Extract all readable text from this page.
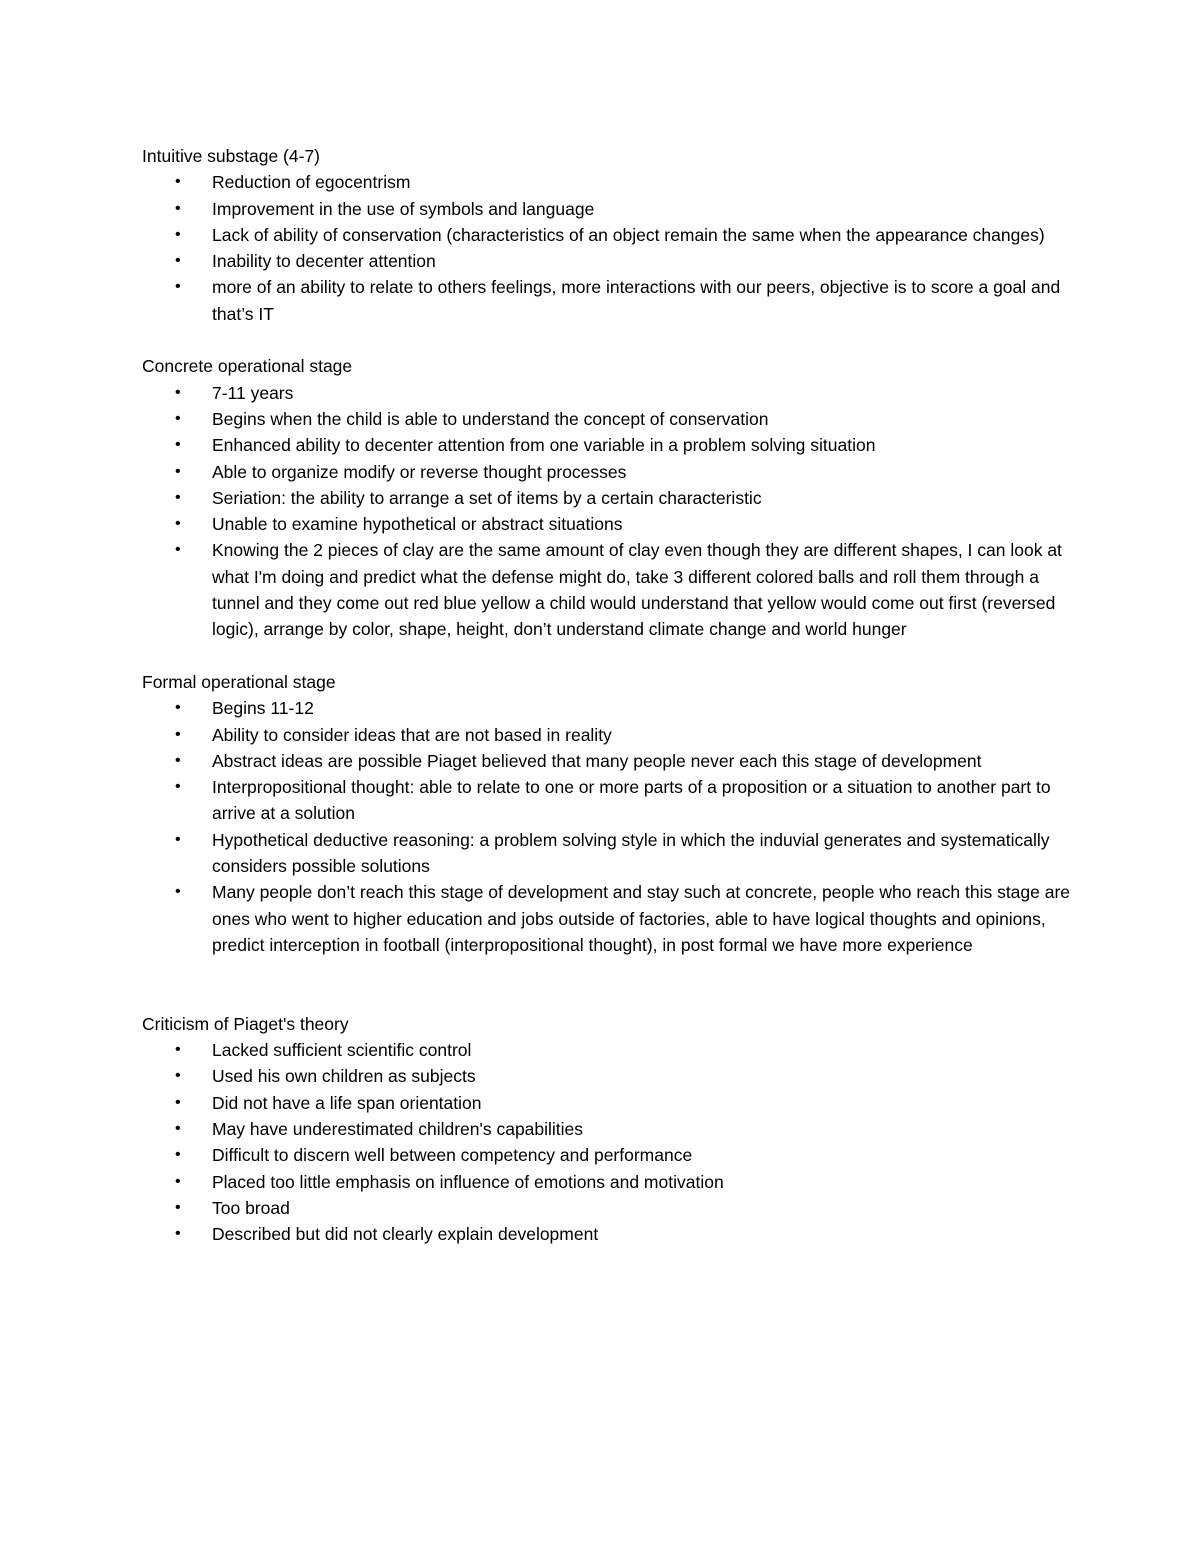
Intuitive substage (4-7)

• Reduction of egocentrism
• Improvement in the use of symbols and language
• Lack of ability of conservation (characteristics of an object remain the same when the appearance changes)
• Inability to decenter attention
• more of an ability to relate to others feelings, more interactions with our peers, objective is to score a goal and that’s IT

Concrete operational stage

• 7-11 years
• Begins when the child is able to understand the concept of conservation
• Enhanced ability to decenter attention from one variable in a problem solving situation
• Able to organize modify or reverse thought processes
• Seriation: the ability to arrange a set of items by a certain characteristic
• Unable to examine hypothetical or abstract situations
• Knowing the 2 pieces of clay are the same amount of clay even though they are different shapes, I can look at what I'm doing and predict what the defense might do, take 3 different colored balls and roll them through a tunnel and they come out red blue yellow a child would understand that yellow would come out first (reversed logic), arrange by color, shape, height, don’t understand climate change and world hunger

Formal operational stage

• Begins 11-12
• Ability to consider ideas that are not based in reality
• Abstract ideas are possible Piaget believed that many people never each this stage of development
• Interpropositional thought: able to relate to one or more parts of a proposition or a situation to another part to arrive at a solution
• Hypothetical deductive reasoning: a problem solving style in which the induvial generates and systematically considers possible solutions
• Many people don’t reach this stage of development and stay such at concrete, people who reach this stage are ones who went to higher education and jobs outside of factories, able to have logical thoughts and opinions, predict interception in football (interpropositional thought), in post formal we have more experience

Criticism of Piaget's theory

• Lacked sufficient scientific control
• Used his own children as subjects
• Did not have a life span orientation
• May have underestimated children's capabilities
• Difficult to discern well between competency and performance
• Placed too little emphasis on influence of emotions and motivation
• Too broad
• Described but did not clearly explain development
